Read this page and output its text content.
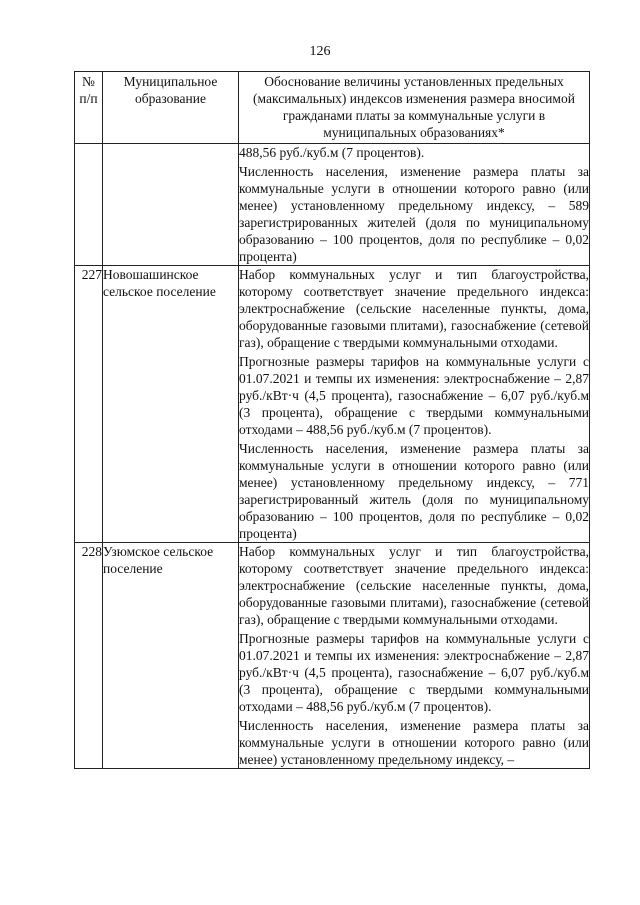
126
№ п/п	Муниципальное образование	Обоснование величины установленных предельных (максимальных) индексов изменения размера вносимой гражданами платы за коммунальные услуги в муниципальных образованиях*

		488,56 руб./куб.м (7 процентов).

Численность населения, изменение размера платы за коммунальные услуги в отношении которого равно (или менее) установленному предельному индексу, – 589 зарегистрированных жителей (доля по муниципальному образованию – 100 процентов, доля по республике – 0,02 процента)

227	Новошашинское сельское поселение	Набор коммунальных услуг и тип благоустройства, которому соответствует значение предельного индекса: электроснабжение (сельские населенные пункты, дома, оборудованные газовыми плитами), газоснабжение (сетевой газ), обращение с твердыми коммунальными отходами.

Прогнозные размеры тарифов на коммунальные услуги с 01.07.2021 и темпы их изменения: электроснабжение – 2,87 руб./кВт·ч (4,5 процента), газоснабжение – 6,07 руб./куб.м (3 процента), обращение с твердыми коммунальными отходами – 488,56 руб./куб.м (7 процентов).

Численность населения, изменение размера платы за коммунальные услуги в отношении которого равно (или менее) установленному предельному индексу, – 771 зарегистрированный житель (доля по муниципальному образованию – 100 процентов, доля по республике – 0,02 процента)

228	Узюмское сельское поселение	Набор коммунальных услуг и тип благоустройства, которому соответствует значение предельного индекса: электроснабжение (сельские населенные пункты, дома, оборудованные газовыми плитами), газоснабжение (сетевой газ), обращение с твердыми коммунальными отходами.

Прогнозные размеры тарифов на коммунальные услуги с 01.07.2021 и темпы их изменения: электроснабжение – 2,87 руб./кВт·ч (4,5 процента), газоснабжение – 6,07 руб./куб.м (3 процента), обращение с твердыми коммунальными отходами – 488,56 руб./куб.м (7 процентов).

Численность населения, изменение размера платы за коммунальные услуги в отношении которого равно (или менее) установленному предельному индексу, –
